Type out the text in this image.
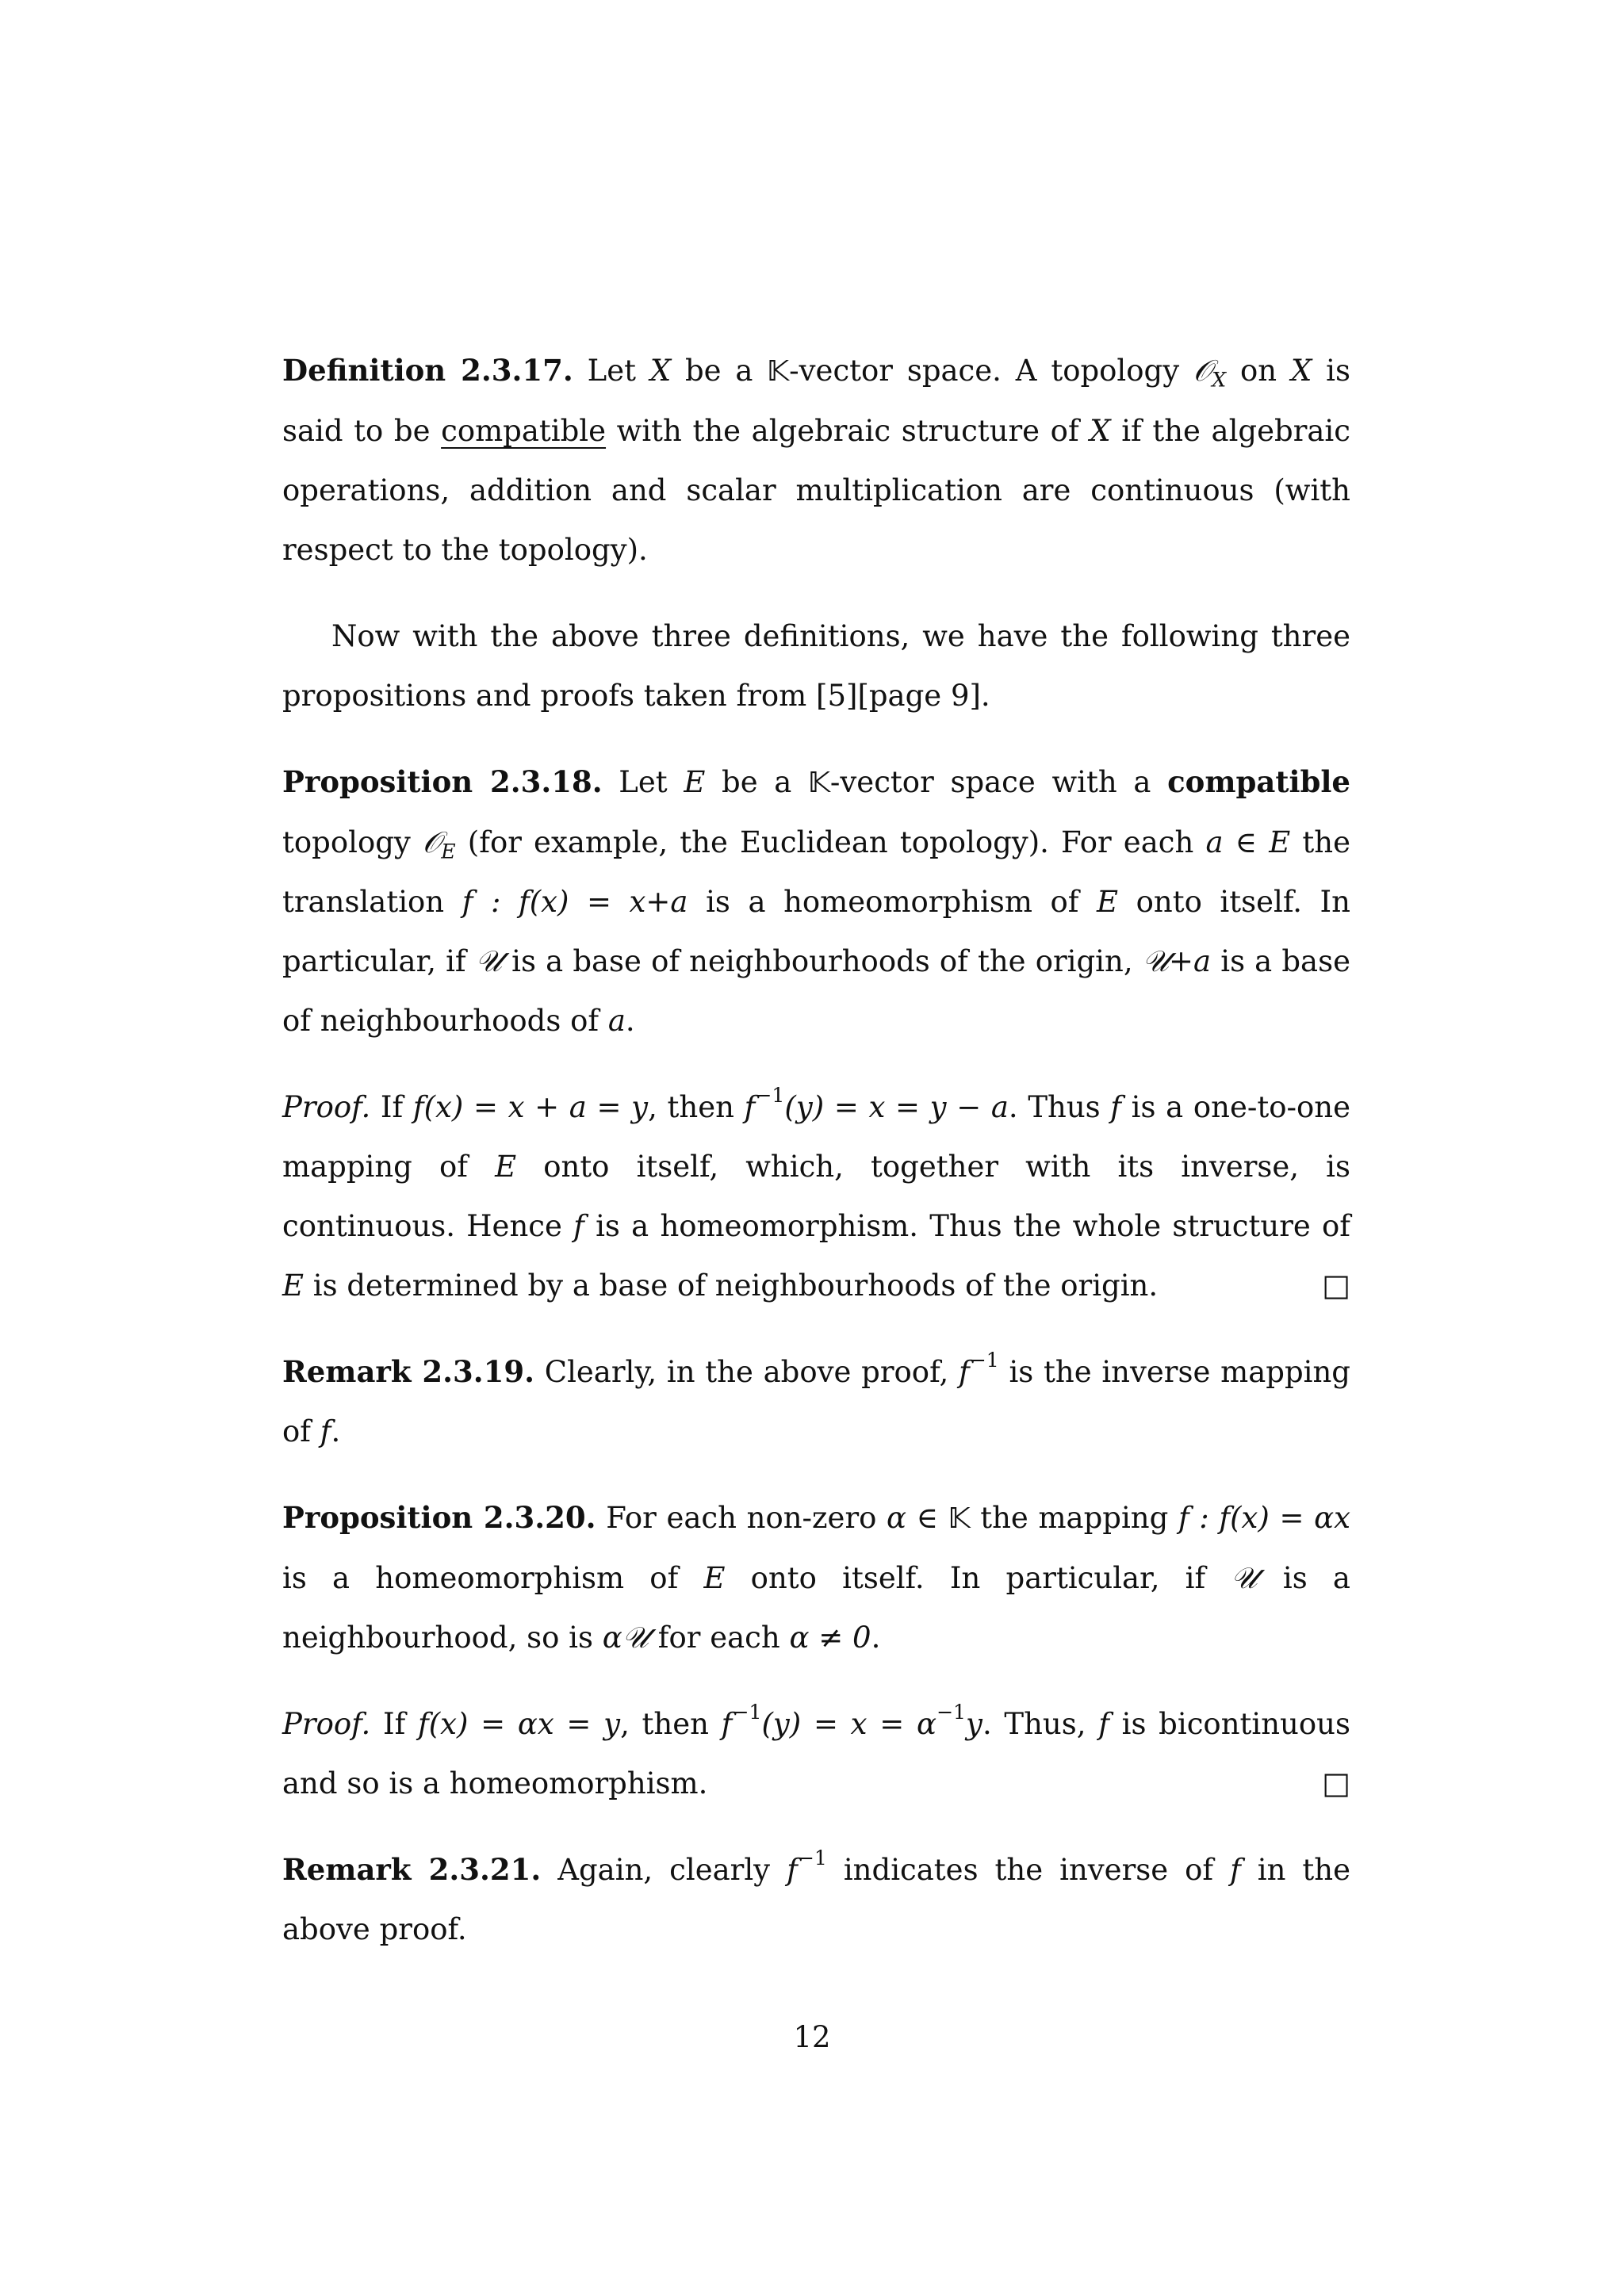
Definition 2.3.17. Let X be a 𝕂-vector space. A topology 𝒪$_X$ on X is said to be compatible with the algebraic structure of X if the algebraic operations, addition and scalar multiplication are continuous (with respect to the topology).

Now with the above three definitions, we have the following three propositions and proofs taken from [5][page 9].

Proposition 2.3.18. Let E be a 𝕂-vector space with a compatible topology 𝒪$_E$ (for example, the Euclidean topology). For each a ∈ E the translation f : f(x) = x+a is a homeomorphism of E onto itself. In particular, if 𝒰 is a base of neighbourhoods of the origin, 𝒰+a is a base of neighbourhoods of a.

Proof. If f(x) = x + a = y, then $f^{-1}(y) = x = y - a$. Thus f is a one-to-one mapping of E onto itself, which, together with its inverse, is continuous. Hence f is a homeomorphism. Thus the whole structure of E is determined by a base of neighbourhoods of the origin.	□

Remark 2.3.19. Clearly, in the above proof, $f^{-1}$ is the inverse mapping of f.

Proposition 2.3.20. For each non-zero α ∈ 𝕂 the mapping f : f(x) = αx is a homeomorphism of E onto itself. In particular, if 𝒰 is a neighbourhood, so is α𝒰 for each α ≠ 0.

Proof. If f(x) = αx = y, then $f^{-1}(y) = x = \alpha^{-1}y$. Thus, f is bicontinuous and so is a homeomorphism.	□

Remark 2.3.21. Again, clearly $f^{-1}$ indicates the inverse of f in the above proof.

12
